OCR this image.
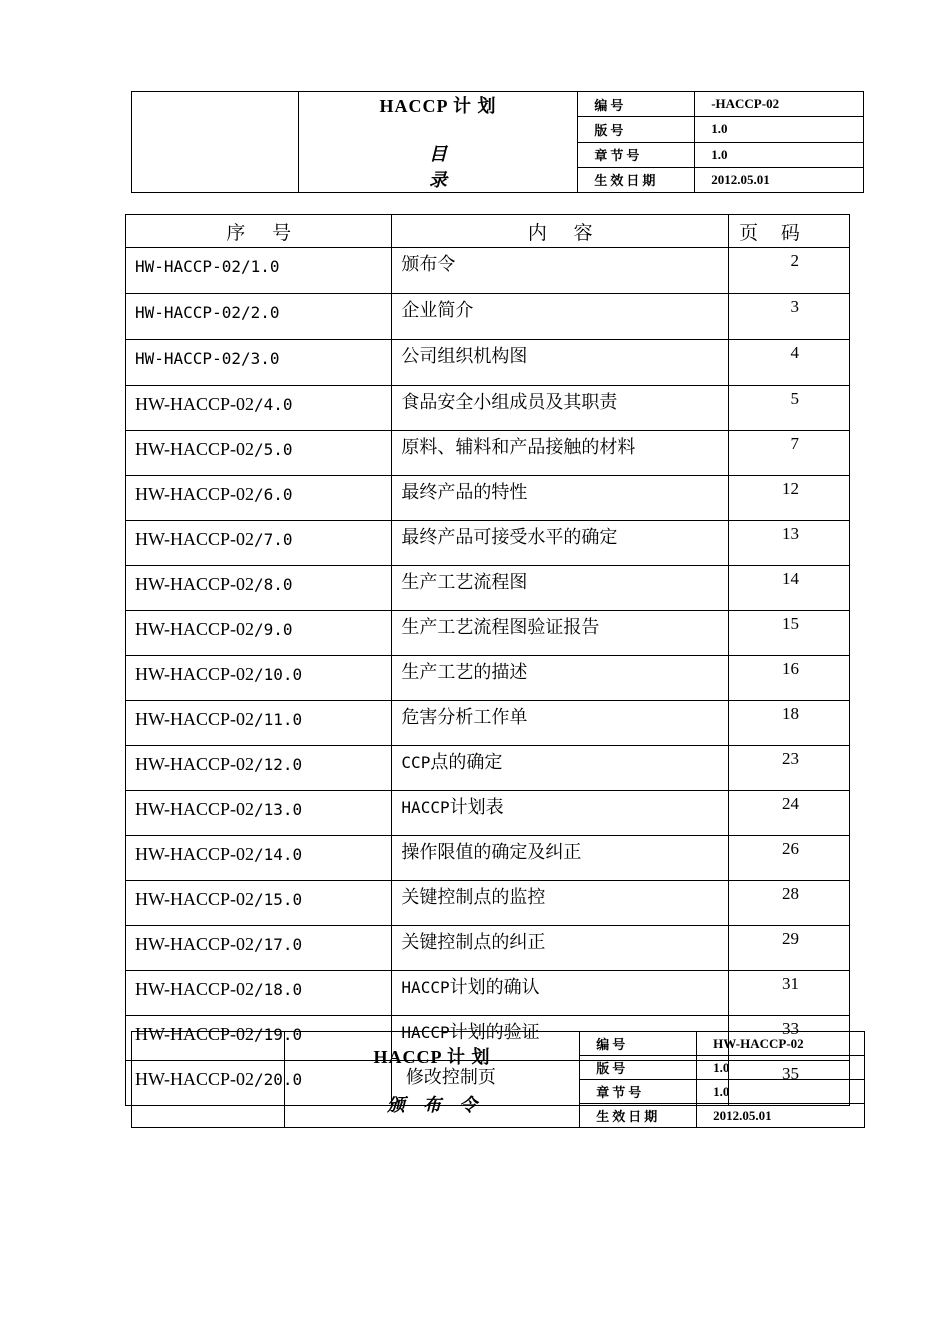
	HACCP 计 划
目 录	编号	-HACCP-02
		版号	1.0
		章节号	1.0
		生效日期	2012.05.01
序 号	内 容	页 码
HW-HACCP-02/1.0	颁布令	2
HW-HACCP-02/2.0	企业简介	3
HW-HACCP-02/3.0	公司组织机构图	4
HW-HACCP-02/4.0	食品安全小组成员及其职责	5
HW-HACCP-02/5.0	原料、辅料和产品接触的材料	7
HW-HACCP-02/6.0	最终产品的特性	12
HW-HACCP-02/7.0	最终产品可接受水平的确定	13
HW-HACCP-02/8.0	生产工艺流程图	14
HW-HACCP-02/9.0	生产工艺流程图验证报告	15
HW-HACCP-02/10.0	生产工艺的描述	16
HW-HACCP-02/11.0	危害分析工作单	18
HW-HACCP-02/12.0	CCP点的确定	23
HW-HACCP-02/13.0	HACCP计划表	24
HW-HACCP-02/14.0	操作限值的确定及纠正	26
HW-HACCP-02/15.0	关键控制点的监控	28
HW-HACCP-02/17.0	关键控制点的纠正	29
HW-HACCP-02/18.0	HACCP计划的确认	31
HW-HACCP-02/19.0	HACCP计划的验证	33
HW-HACCP-02/20.0	修改控制页	35

	HACCP 计 划
颁布令	编号	HW-HACCP-02
		版号	1.0
		章节号	1.0
		生效日期	2012.05.01
